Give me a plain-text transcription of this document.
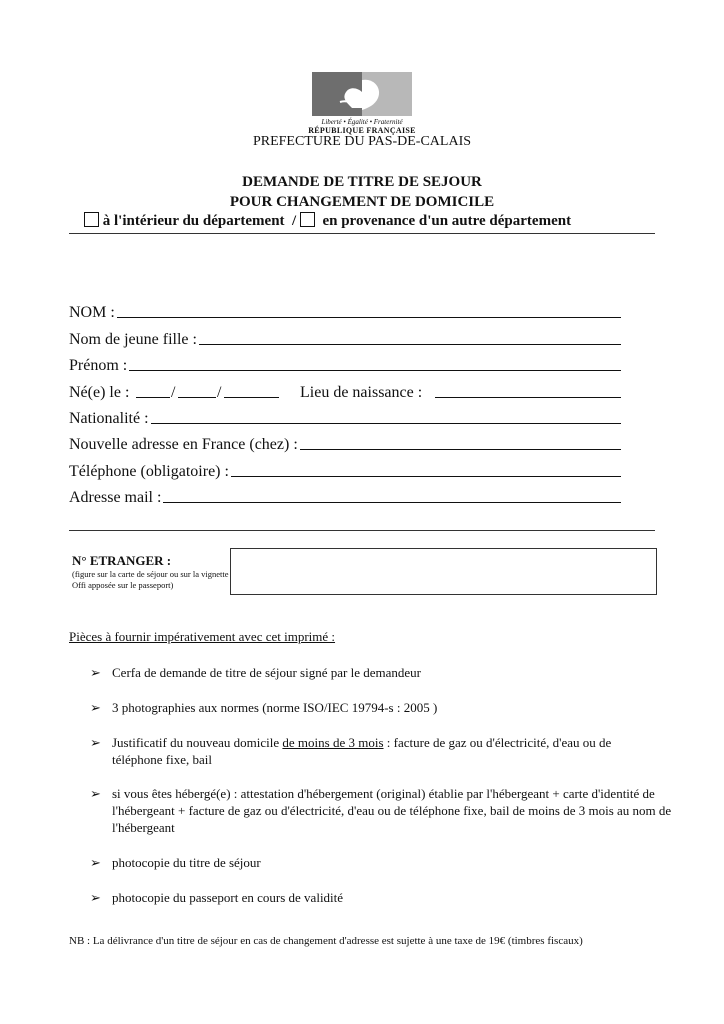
Liberté • Égalité • Fraternité
RÉPUBLIQUE FRANÇAISE
PREFECTURE DU PAS-DE-CALAIS
DEMANDE DE TITRE DE SEJOUR
POUR CHANGEMENT DE DOMICILE
à l'intérieur du département / en provenance d'un autre département
NOM :
Nom de jeune fille :
Prénom :
Né(e) le :	/	/	Lieu de naissance :
Nationalité :
Nouvelle adresse en France (chez) :
Téléphone (obligatoire) :
Adresse mail :
N° ETRANGER :
(figure sur la carte de séjour ou sur la vignette Offi apposée sur le passeport)
Pièces à fournir impérativement avec cet imprimé :
➢ Cerfa de demande de titre de séjour signé par le demandeur
➢ 3 photographies aux normes (norme ISO/IEC 19794-s : 2005 )
➢ Justificatif du nouveau domicile de moins de 3 mois : facture de gaz ou d'électricité, d'eau ou de téléphone fixe, bail
➢ si vous êtes hébergé(e) : attestation d'hébergement (original) établie par l'hébergeant + carte d'identité de l'hébergeant + facture de gaz ou d'électricité, d'eau ou de téléphone fixe, bail de moins de 3 mois au nom de l'hébergeant
➢ photocopie du titre de séjour
➢ photocopie du passeport en cours de validité
NB : La délivrance d'un titre de séjour en cas de changement d'adresse est sujette à une taxe de 19€ (timbres fiscaux)
